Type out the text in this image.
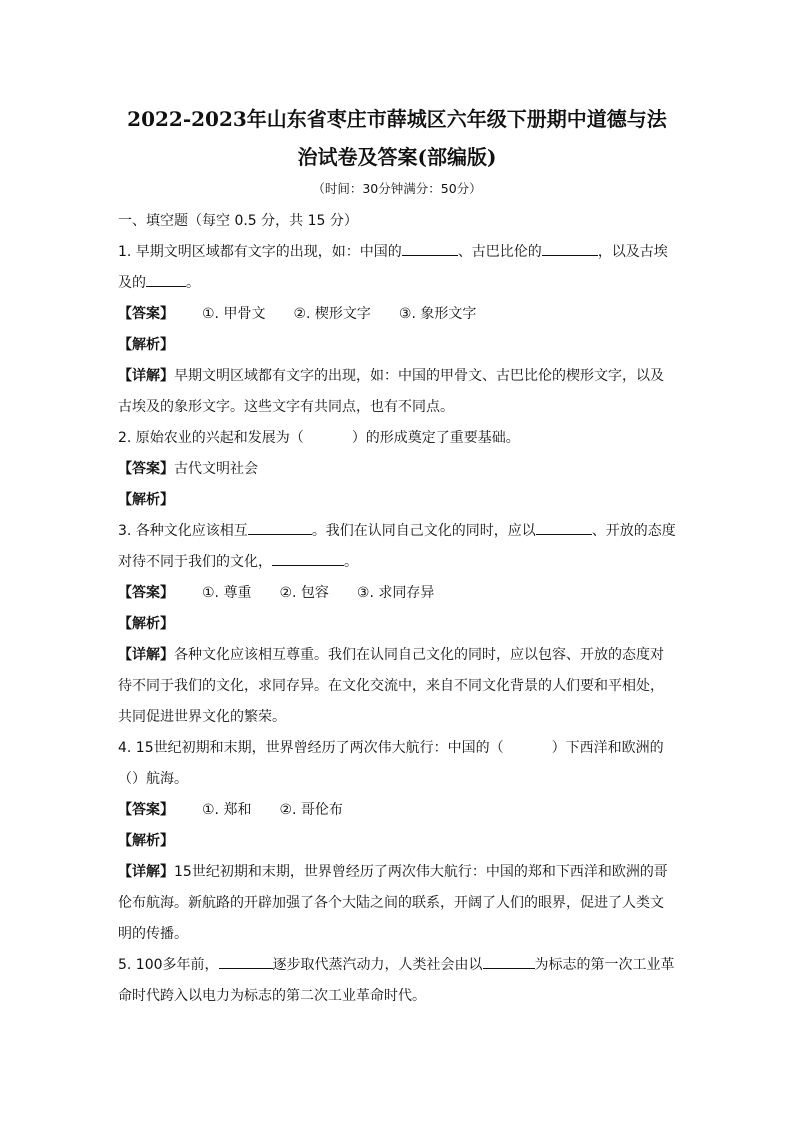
2022-2023年山东省枣庄市薛城区六年级下册期中道德与法
治试卷及答案(部编版)

（时间：30分钟满分：50分）

一、填空题（每空 0.5 分，共 15 分）

1. 早期文明区域都有文字的出现，如：中国的	、古巴比伦的	，以及古埃

及的	。

【答案】 ①. 甲骨文 ②. 楔形文字 ③. 象形文字

【解析】

【详解】早期文明区域都有文字的出现，如：中国的甲骨文、古巴比伦的楔形文字，以及古埃及的象形文字。这些文字有共同点，也有不同点。

2. 原始农业的兴起和发展为（	）的形成奠定了重要基础。

【答案】古代文明社会

【解析】

3. 各种文化应该相互	。我们在认同自己文化的同时，应以	、开放的态度

对待不同于我们的文化，	。

【答案】 ①. 尊重 ②. 包容 ③. 求同存异

【解析】

【详解】各种文化应该相互尊重。我们在认同自己文化的同时，应以包容、开放的态度对待不同于我们的文化，求同存异。在文化交流中，来自不同文化背景的人们要和平相处，共同促进世界文化的繁荣。

4. 15世纪初期和末期，世界曾经历了两次伟大航行：中国的（	）下西洋和欧洲的（）航海。

【答案】 ①. 郑和 ②. 哥伦布

【解析】

【详解】15世纪初期和末期，世界曾经历了两次伟大航行：中国的郑和下西洋和欧洲的哥伦布航海。新航路的开辟加强了各个大陆之间的联系，开阔了人们的眼界，促进了人类文明的传播。

5. 100多年前，	逐步取代蒸汽动力，人类社会由以	为标志的第一次工业革

命时代跨入以电力为标志的第二次工业革命时代。
